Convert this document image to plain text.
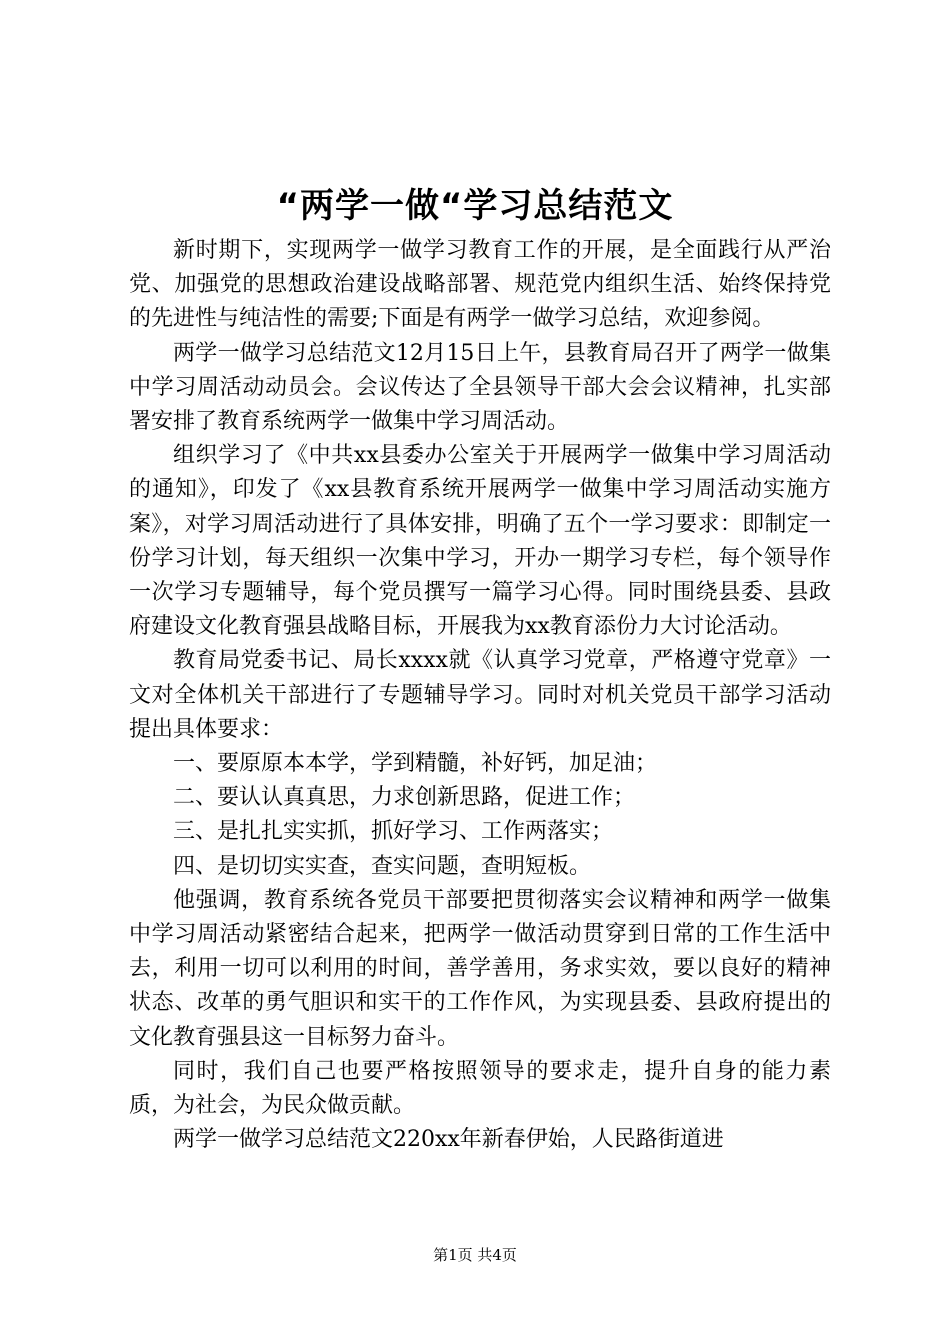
“两学一做“学习总结范文

新时期下，实现两学一做学习教育工作的开展，是全面践行从严治党、加强党的思想政治建设战略部署、规范党内组织生活、始终保持党的先进性与纯洁性的需要;下面是有两学一做学习总结，欢迎参阅。

两学一做学习总结范文12月15日上午，县教育局召开了两学一做集中学习周活动动员会。会议传达了全县领导干部大会会议精神，扎实部署安排了教育系统两学一做集中学习周活动。

组织学习了《中共xx县委办公室关于开展两学一做集中学习周活动的通知》，印发了《xx县教育系统开展两学一做集中学习周活动实施方案》，对学习周活动进行了具体安排，明确了五个一学习要求：即制定一份学习计划，每天组织一次集中学习，开办一期学习专栏，每个领导作一次学习专题辅导，每个党员撰写一篇学习心得。同时围绕县委、县政府建设文化教育强县战略目标，开展我为xx教育添份力大讨论活动。

教育局党委书记、局长xxxx就《认真学习党章，严格遵守党章》一文对全体机关干部进行了专题辅导学习。同时对机关党员干部学习活动提出具体要求：

一、要原原本本学，学到精髓，补好钙，加足油；

二、要认认真真思，力求创新思路，促进工作；

三、是扎扎实实抓，抓好学习、工作两落实；

四、是切切实实查，查实问题，查明短板。

他强调，教育系统各党员干部要把贯彻落实会议精神和两学一做集中学习周活动紧密结合起来，把两学一做活动贯穿到日常的工作生活中去，利用一切可以利用的时间，善学善用，务求实效，要以良好的精神状态、改革的勇气胆识和实干的工作作风，为实现县委、县政府提出的文化教育强县这一目标努力奋斗。

同时，我们自己也要严格按照领导的要求走，提升自身的能力素质，为社会，为民众做贡献。

两学一做学习总结范文220xx年新春伊始，人民路街道进

第1页 共4页
